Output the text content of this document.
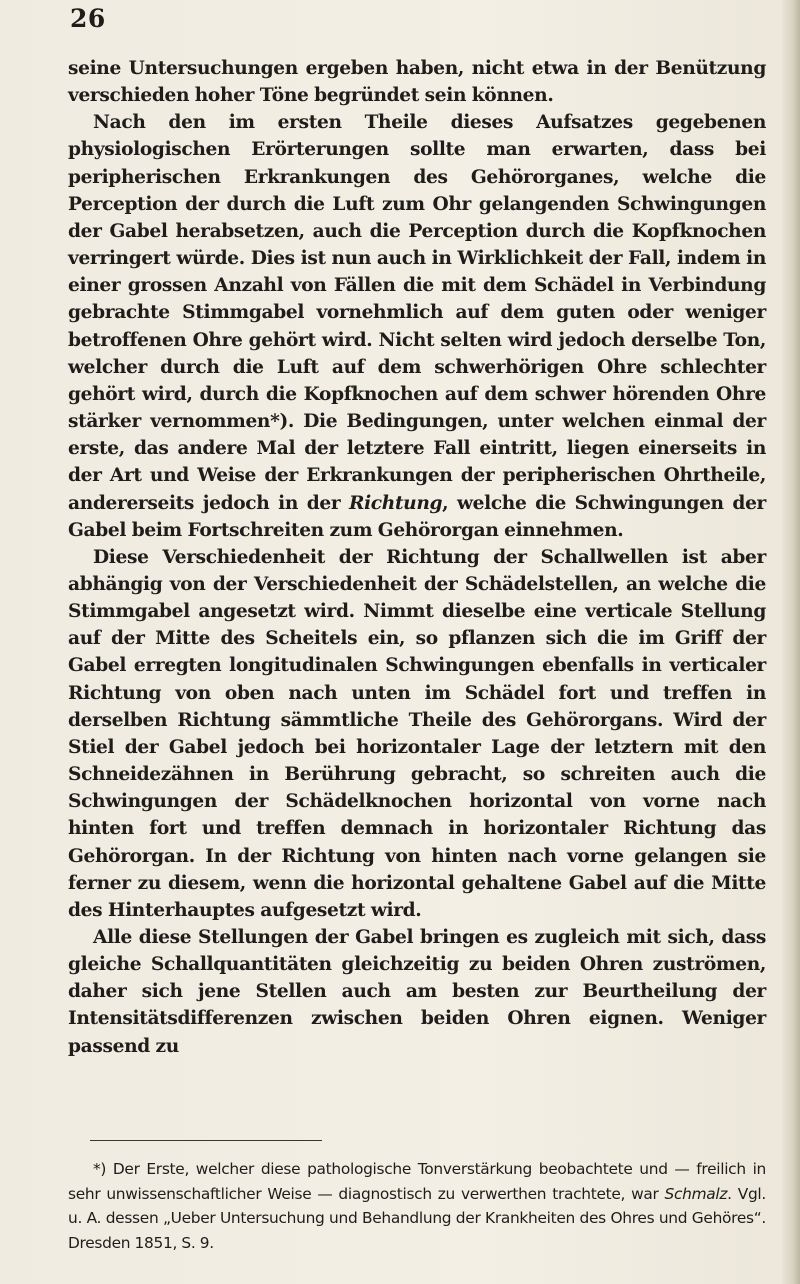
26

seine Untersuchungen ergeben haben, nicht etwa in der Benützung verschieden hoher Töne begründet sein können.

Nach den im ersten Theile dieses Aufsatzes gegebenen physiologischen Erörterungen sollte man erwarten, dass bei peripherischen Erkrankungen des Gehörorganes, welche die Perception der durch die Luft zum Ohr gelangenden Schwingungen der Gabel herabsetzen, auch die Perception durch die Kopfknochen verringert würde. Dies ist nun auch in Wirklichkeit der Fall, indem in einer grossen Anzahl von Fällen die mit dem Schädel in Verbindung gebrachte Stimmgabel vornehmlich auf dem guten oder weniger betroffenen Ohre gehört wird. Nicht selten wird jedoch derselbe Ton, welcher durch die Luft auf dem schwerhörigen Ohre schlechter gehört wird, durch die Kopfknochen auf dem schwer hörenden Ohre stärker vernommen*). Die Bedingungen, unter welchen einmal der erste, das andere Mal der letztere Fall eintritt, liegen einerseits in der Art und Weise der Erkrankungen der peripherischen Ohrtheile, andererseits jedoch in der Richtung, welche die Schwingungen der Gabel beim Fortschreiten zum Gehörorgan einnehmen.

Diese Verschiedenheit der Richtung der Schallwellen ist aber abhängig von der Verschiedenheit der Schädelstellen, an welche die Stimmgabel angesetzt wird. Nimmt dieselbe eine verticale Stellung auf der Mitte des Scheitels ein, so pflanzen sich die im Griff der Gabel erregten longitudinalen Schwingungen ebenfalls in verticaler Richtung von oben nach unten im Schädel fort und treffen in derselben Richtung sämmtliche Theile des Gehörorgans. Wird der Stiel der Gabel jedoch bei horizontaler Lage der letztern mit den Schneidezähnen in Berührung gebracht, so schreiten auch die Schwingungen der Schädelknochen horizontal von vorne nach hinten fort und treffen demnach in horizontaler Richtung das Gehörorgan. In der Richtung von hinten nach vorne gelangen sie ferner zu diesem, wenn die horizontal gehaltene Gabel auf die Mitte des Hinterhauptes aufgesetzt wird.

Alle diese Stellungen der Gabel bringen es zugleich mit sich, dass gleiche Schallquantitäten gleichzeitig zu beiden Ohren zuströmen, daher sich jene Stellen auch am besten zur Beurtheilung der Intensitätsdifferenzen zwischen beiden Ohren eignen. Weniger passend zu

*) Der Erste, welcher diese pathologische Tonverstärkung beobachtete und — freilich in sehr unwissenschaftlicher Weise — diagnostisch zu verwerthen trachtete, war Schmalz. Vgl. u. A. dessen „Ueber Untersuchung und Behandlung der Krankheiten des Ohres und Gehöres“. Dresden 1851, S. 9.
